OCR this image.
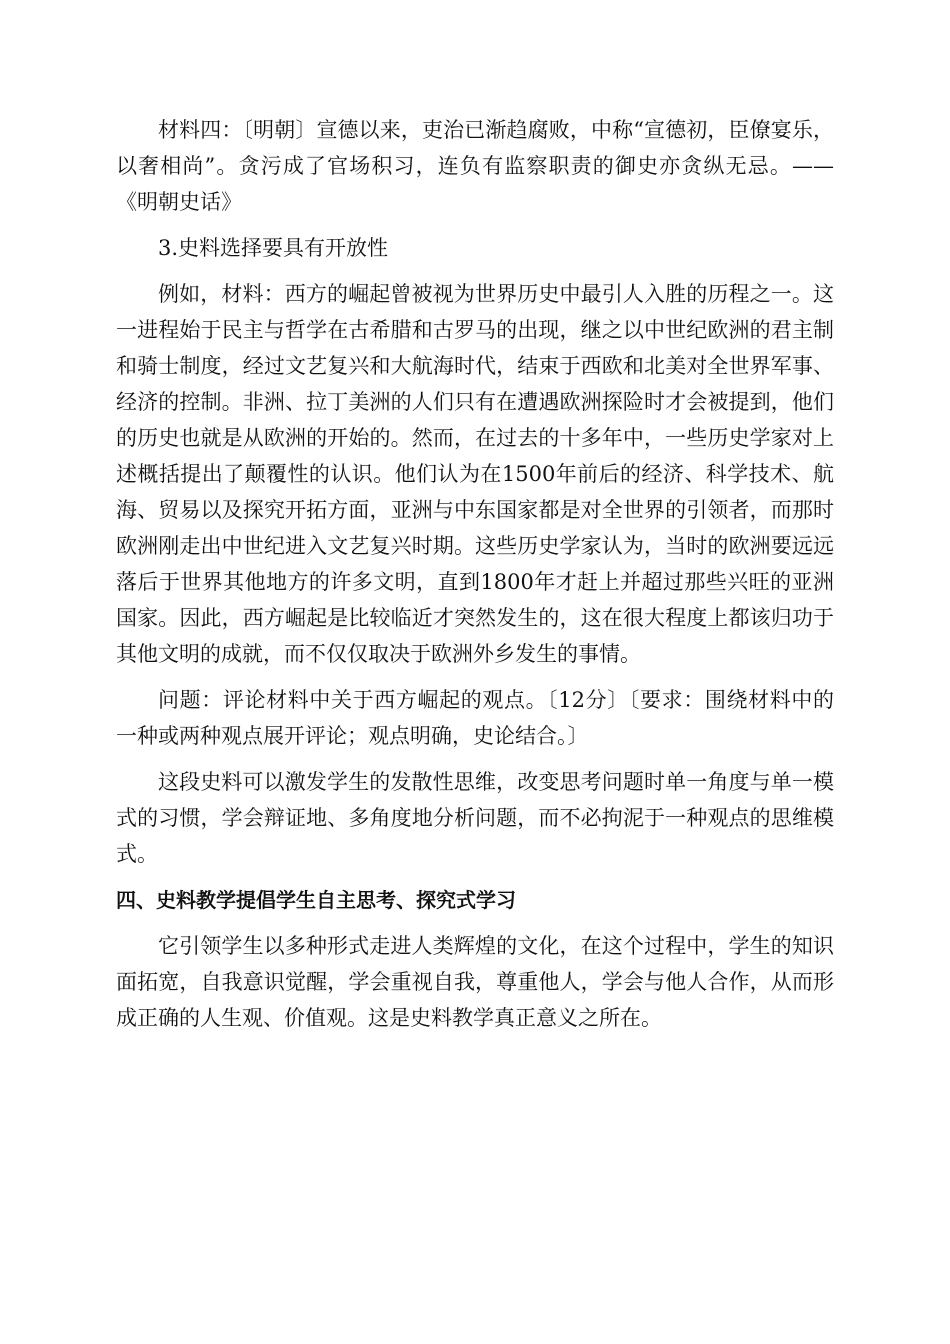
材料四：〔明朝〕宣德以来，吏治已渐趋腐败，中称“宣德初，臣僚宴乐，以奢相尚”。贪污成了官场积习，连负有监察职责的御史亦贪纵无忌。——《明朝史话》

3.史料选择要具有开放性

例如，材料：西方的崛起曾被视为世界历史中最引人入胜的历程之一。这一进程始于民主与哲学在古希腊和古罗马的出现，继之以中世纪欧洲的君主制和骑士制度，经过文艺复兴和大航海时代，结束于西欧和北美对全世界军事、经济的控制。非洲、拉丁美洲的人们只有在遭遇欧洲探险时才会被提到，他们的历史也就是从欧洲的开始的。然而，在过去的十多年中，一些历史学家对上述概括提出了颠覆性的认识。他们认为在1500年前后的经济、科学技术、航海、贸易以及探究开拓方面，亚洲与中东国家都是对全世界的引领者，而那时欧洲刚走出中世纪进入文艺复兴时期。这些历史学家认为，当时的欧洲要远远落后于世界其他地方的许多文明，直到1800年才赶上并超过那些兴旺的亚洲国家。因此，西方崛起是比较临近才突然发生的，这在很大程度上都该归功于其他文明的成就，而不仅仅取决于欧洲外乡发生的事情。

问题：评论材料中关于西方崛起的观点。〔12分〕〔要求：围绕材料中的一种或两种观点展开评论；观点明确，史论结合。〕

这段史料可以激发学生的发散性思维，改变思考问题时单一角度与单一模式的习惯，学会辩证地、多角度地分析问题，而不必拘泥于一种观点的思维模式。

四、史料教学提倡学生自主思考、探究式学习

它引领学生以多种形式走进人类辉煌的文化，在这个过程中，学生的知识面拓宽，自我意识觉醒，学会重视自我，尊重他人，学会与他人合作，从而形成正确的人生观、价值观。这是史料教学真正意义之所在。
